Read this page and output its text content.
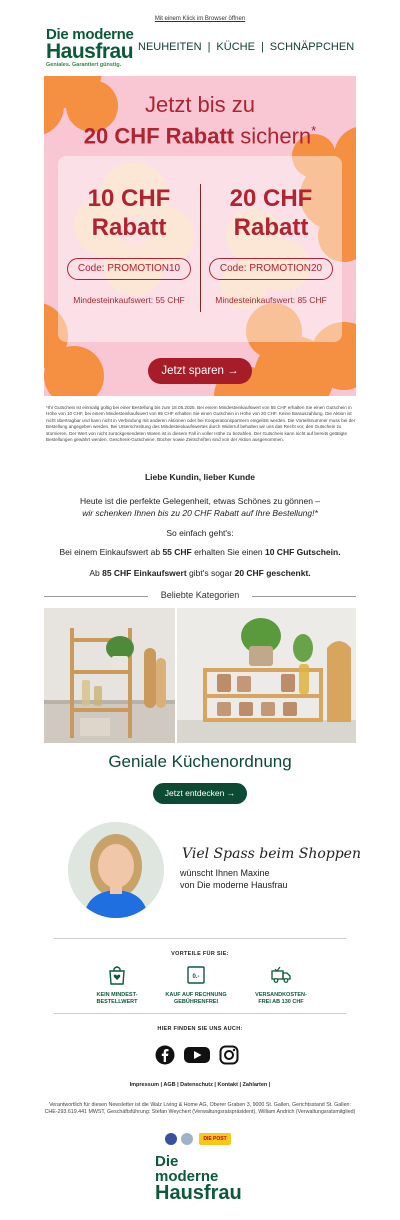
Mit einem Klick im Browser öffnen
Die moderne
Hausfrau
Geniales. Garantiert günstig.
NEUHEITEN | KÜCHE | SCHNÄPPCHEN
Jetzt bis zu
20 CHF Rabatt sichern*
10 CHF
Rabatt
Code: PROMOTION10
Mindesteinkaufswert: 55 CHF
20 CHF
Rabatt
Code: PROMOTION20
Mindesteinkaufswert: 85 CHF
Jetzt sparen →
*Ihr Gutschein ist einmalig gültig bei einer Bestellung bis zum 18.05.2025. Bei einem Mindesteinkaufswert von 55 CHF erhalten Sie einen Gutschein in Höhe von 10 CHF, bei einem Mindesteinkaufswert von 85 CHF erhalten Sie einen Gutschein in Höhe von 20 CHF. Keine Barauszahlung. Die Aktion ist nicht übertragbar und kann nicht in Verbindung mit anderen Aktionen oder bei Kooperationspartnern eingelöst werden. Die Vorteilsnummer muss bei der Bestellung angegeben werden. Bei Unterschreitung des Mindesteinkaufswertes durch Widerruf behalten wir uns das Recht vor, den Gutschein zu stornieren. Der Wert von nicht zurückgesendeten Waren ist in diesem Fall in voller Höhe zu bezahlen. Der Gutschein kann nicht auf bereits getätigte Bestellungen gewährt werden. Geschenk-Gutscheine, Bücher sowie Zeitschriften sind von der Aktion ausgenommen.
Liebe Kundin, lieber Kunde
Heute ist die perfekte Gelegenheit, etwas Schönes zu gönnen –
wir schenken Ihnen bis zu 20 CHF Rabatt auf Ihre Bestellung!*
So einfach geht's:
Bei einem Einkaufswert ab 55 CHF erhalten Sie einen 10 CHF Gutschein.
Ab 85 CHF Einkaufswert gibt's sogar 20 CHF geschenkt.
Beliebte Kategorien
Geniale Küchenordnung
Jetzt entdecken →
Viel Spass beim Shoppen
wünscht Ihnen Maxine
von Die moderne Hausfrau
VORTEILE FÜR SIE:
KEIN MINDEST-
BESTELLWERT
0.-
KAUF AUF RECHNUNG
GEBÜHRENFREI
VERSANDKOSTEN-
FREI AB 130 CHF
HIER FINDEN SIE UNS AUCH:
Impressum | AGB | Datenschutz | Kontakt | Zahlarten |
Verantwortlich für diesen Newsletter ist die Walz Living & Home AG, Oberer Graben 3, 9000 St. Gallen, Gerichtsstand St. Gallen: CHE-293.619.441 MWST, Geschäftsführung: Stefan Weychert (Verwaltungsratspräsident), William Andrich (Verwaltungsratsmitglied)
DIE POST
Die moderne
Hausfrau
